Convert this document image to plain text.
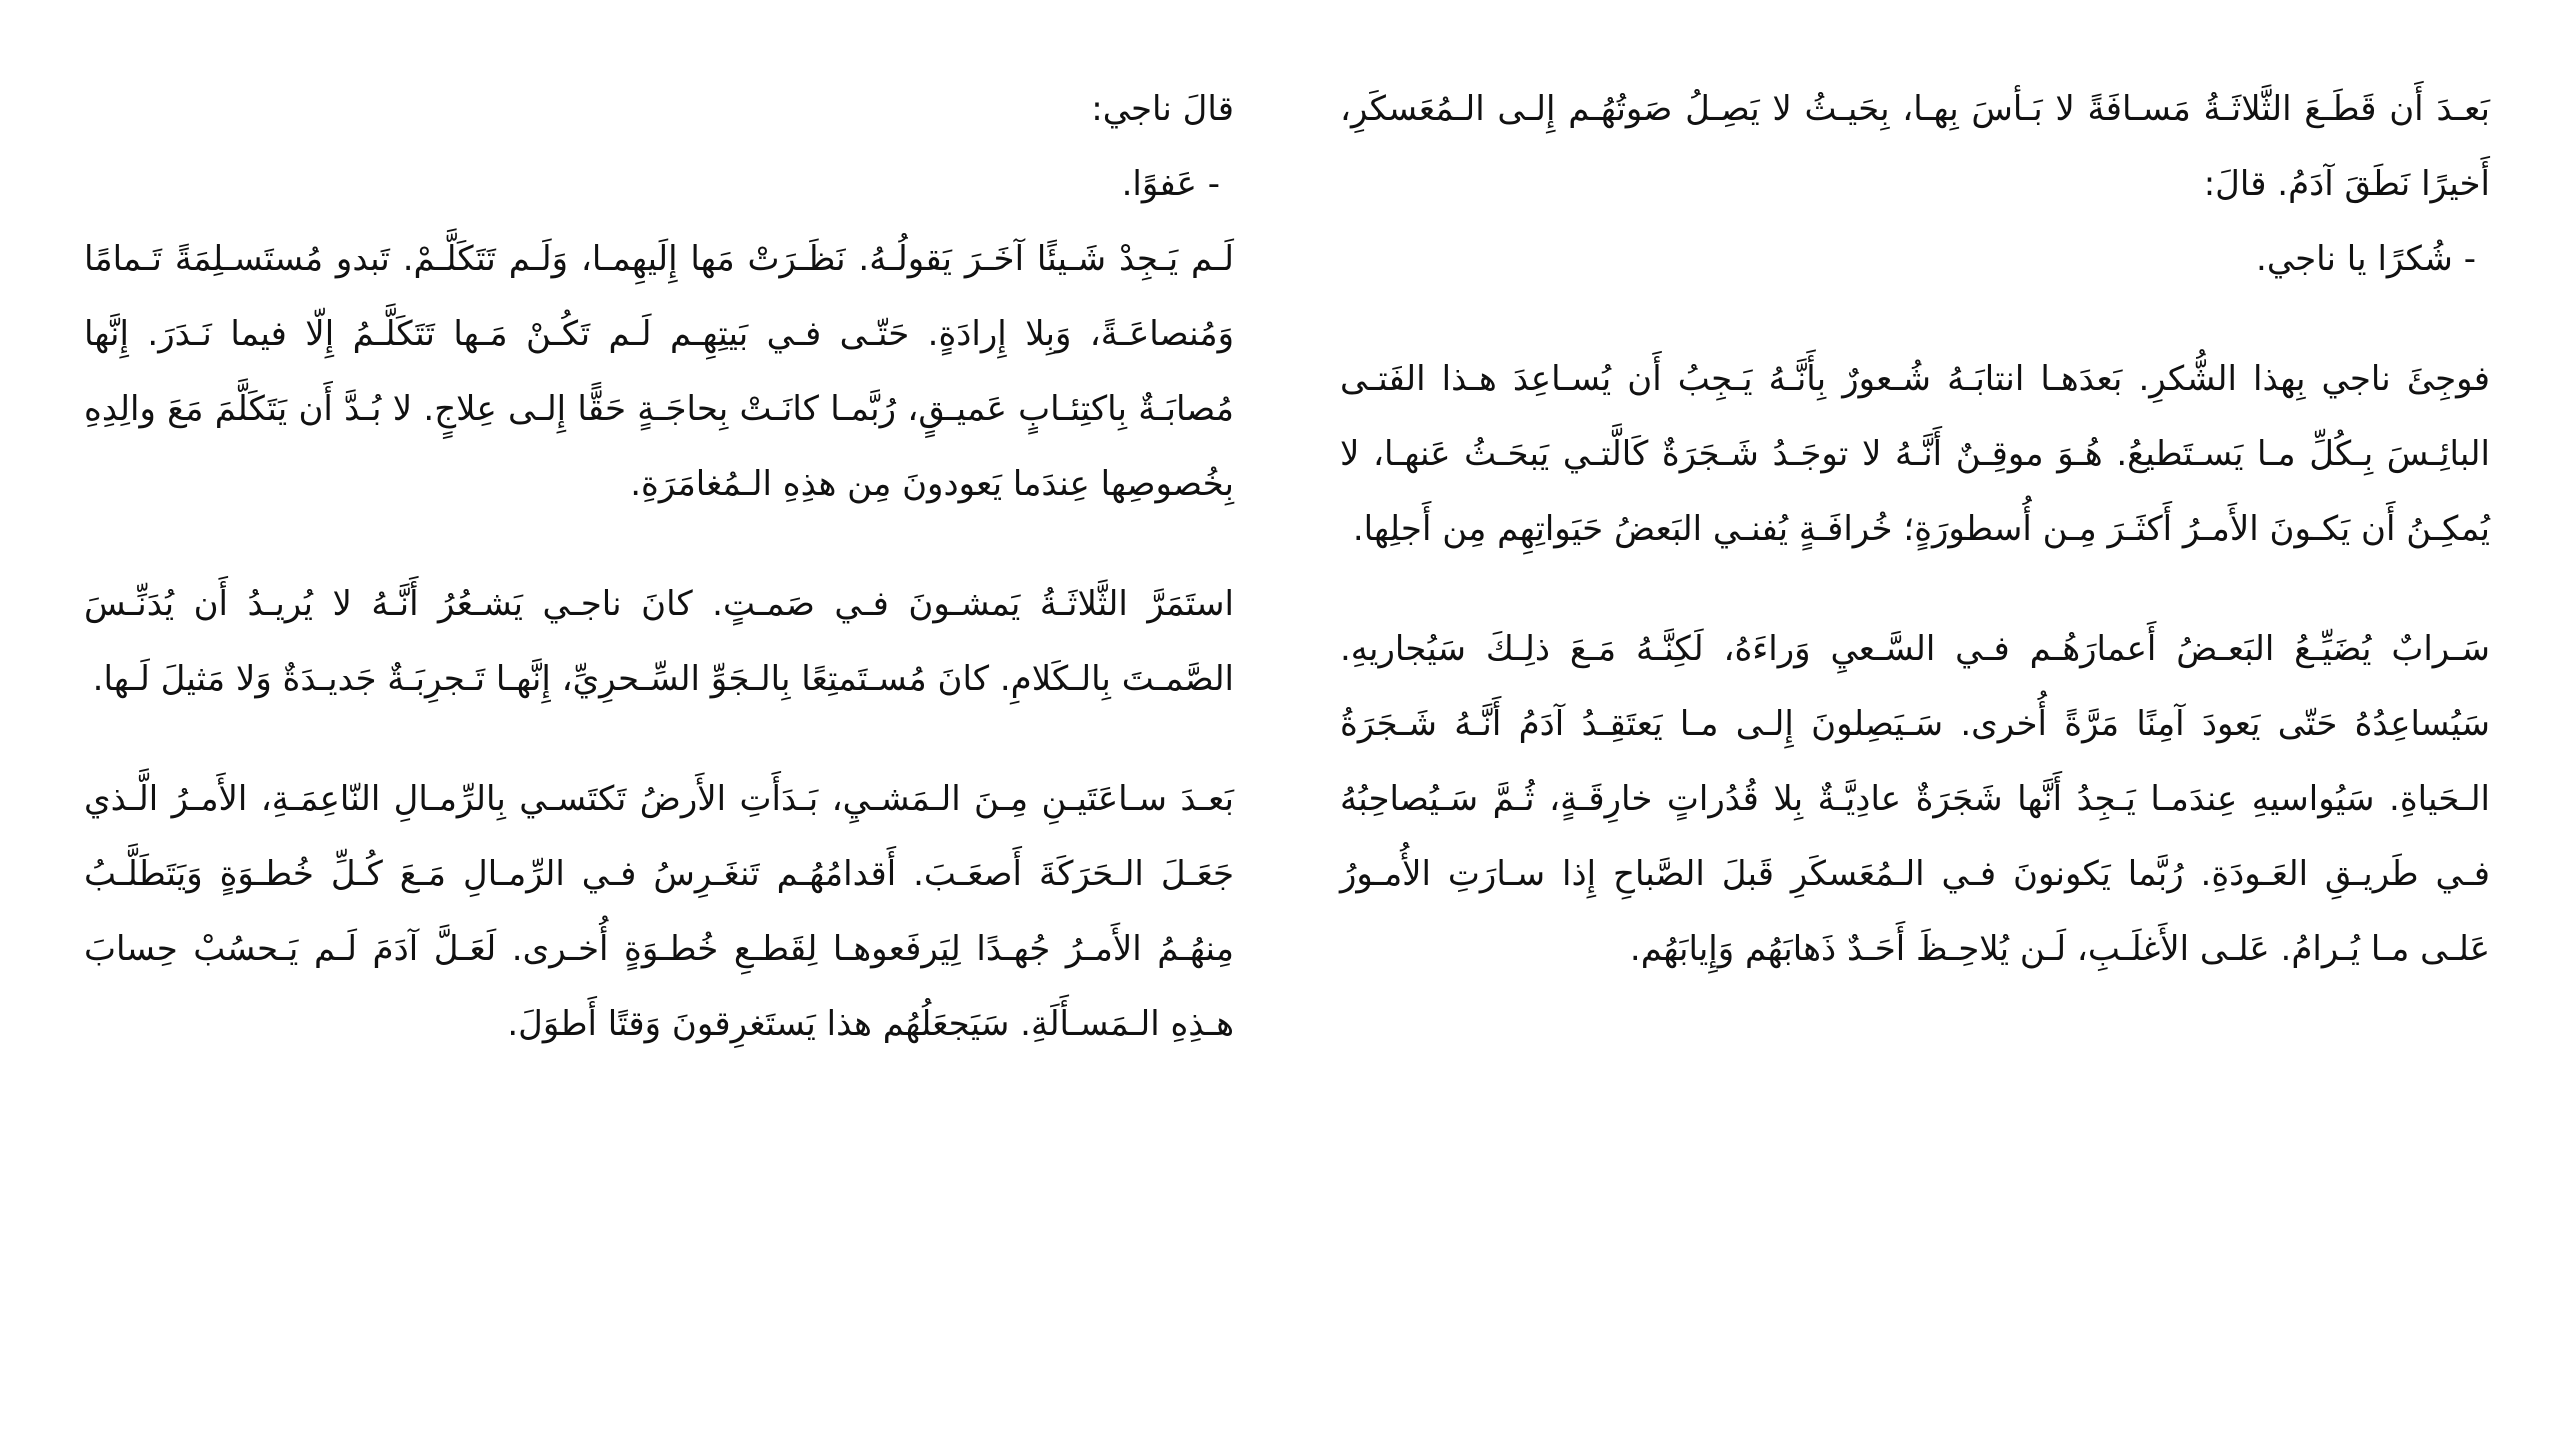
بَعـدَ أَن قَطَـعَ الثَّلاثَـةُ مَسـافَةً لا بَـأسَ بِهـا، بِحَيـثُ لا يَصِـلُ صَوتُهُـم إِلـى الـمُعَسكَرِ، أَخيرًا نَطَقَ آدَمُ. قالَ:

- شُكرًا يا ناجي.

فوجِئَ ناجي بِهذا الشُّكرِ. بَعدَهـا انتابَـهُ شُـعورٌ بِأَنَّـهُ يَـجِبُ أَن يُسـاعِدَ هـذا الفَتـى البائِـسَ بِـكُلِّ مـا يَسـتَطيعُ. هُـوَ موقِـنٌ أَنَّـهُ لا توجَـدُ شَـجَرَةٌ كَالَّتـي يَبحَـثُ عَنهـا، لا يُمكِـنُ أَن يَكـونَ الأَمـرُ أَكثَـرَ مِـن أُسطورَةٍ؛ خُرافَـةٍ يُفنـي البَعضُ حَيَواتِهِم مِن أَجلِها.

سَـرابٌ يُضَيِّـعُ البَعـضُ أَعمارَهُـم فـي السَّـعيِ وَراءَهُ، لَكِنَّـهُ مَـعَ ذلِـكَ سَيُجاريهِ. سَيُساعِدُهُ حَتّى يَعودَ آمِنًا مَرَّةً أُخرى. سَـيَصِلونَ إِلـى مـا يَعتَقِـدُ آدَمُ أَنَّـهُ شَـجَرَةُ الـحَياةِ. سَيُواسيهِ عِندَمـا يَـجِدُ أَنَّها شَجَرَةٌ عادِيَّـةٌ بِلا قُدُراتٍ خارِقَـةٍ، ثُـمَّ سَـيُصاحِبُهُ فـي طَريـقِ العَـودَةِ. رُبَّما يَكونونَ فـي الـمُعَسكَرِ قَبلَ الصَّباحِ إِذا سـارَتِ الأُمـورُ عَلـى مـا يُـرامُ. عَلـى الأَغلَـبِ، لَـن يُلاحِـظَ أَحَـدٌ ذَهابَهُم وَإِيابَهُم.

قالَ ناجي:

- عَفوًا.

لَـم يَـجِدْ شَـيئًا آخَـرَ يَقولُـهُ. نَظَـرَتْ مَها إِلَيهِمـا، وَلَـم تَتَكَلَّـمْ. تَبدو مُستَسـلِمَةً تَـمامًا وَمُنصاعَـةً، وَبِلا إِرادَةٍ. حَتّـى فـي بَيتِهِـم لَـم تَكُـنْ مَـها تَتَكَلَّـمُ إِلّا فيما نَـدَرَ. إِنَّها مُصابَـةٌ بِاكتِئـابٍ عَميـقٍ، رُبَّمـا كانَـتْ بِحاجَـةٍ حَقًّا إِلـى عِلاجٍ. لا بُـدَّ أَن يَتَكَلَّمَ مَعَ والِدِهِ بِخُصوصِها عِندَما يَعودونَ مِن هذِهِ الـمُغامَرَةِ.

استَمَرَّ الثَّلاثَـةُ يَمشـونَ فـي صَمـتٍ. كانَ ناجـي يَشـعُرُ أَنَّـهُ لا يُريـدُ أَن يُدَنِّـسَ الصَّمـتَ بِالـكَلامِ. كانَ مُسـتَمتِعًا بِالـجَوِّ السِّـحرِيِّ، إِنَّهـا تَـجرِبَـةٌ جَديـدَةٌ وَلا مَثيلَ لَـها.

بَعـدَ سـاعَتَيـنِ مِـنَ الـمَشـيِ، بَـدَأَتِ الأَرضُ تَكتَسـي بِالرِّمـالِ النّاعِمَـةِ، الأَمـرُ الَّـذي جَعَـلَ الـحَرَكَةَ أَصعَـبَ. أَقدامُهُـم تَنغَـرِسُ فـي الرِّمـالِ مَـعَ كُـلِّ خُطـوَةٍ وَيَتَطَلَّـبُ مِنهُـمُ الأَمـرُ جُهـدًا لِيَرفَعوهـا لِقَطـعِ خُطـوَةٍ أُخـرى. لَعَـلَّ آدَمَ لَـم يَـحسُبْ حِسابَ هـذِهِ الـمَسـأَلَةِ. سَيَجعَلُهُم هذا يَستَغرِقونَ وَقتًا أَطوَلَ.
